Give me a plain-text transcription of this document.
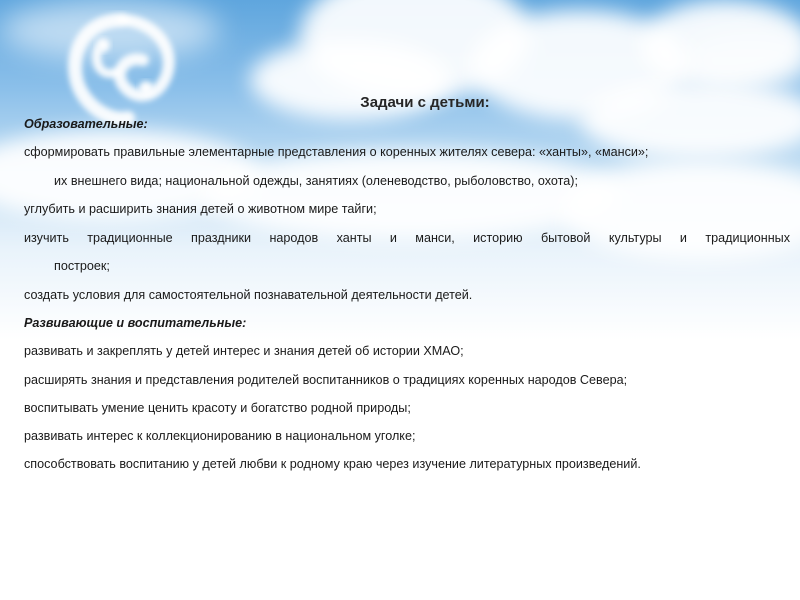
Задачи с детьми:

Образовательные:

сформировать правильные элементарные представления о коренных жителях севера: «ханты», «манси»;

их внешнего вида; национальной одежды, занятиях (оленеводство, рыболовство, охота);

углубить и расширить знания детей о животном мире тайги;

изучить традиционные праздники народов ханты и манси, историю бытовой культуры и традиционных

построек;

создать условия для самостоятельной познавательной деятельности детей.

Развивающие и воспитательные:

развивать и закреплять у детей интерес и знания детей об истории ХМАО;

расширять знания и представления родителей воспитанников о традициях коренных народов Севера;

воспитывать умение ценить красоту и богатство родной природы;

развивать интерес к коллекционированию в национальном уголке;

способствовать воспитанию у детей любви к родному краю через изучение литературных произведений.
